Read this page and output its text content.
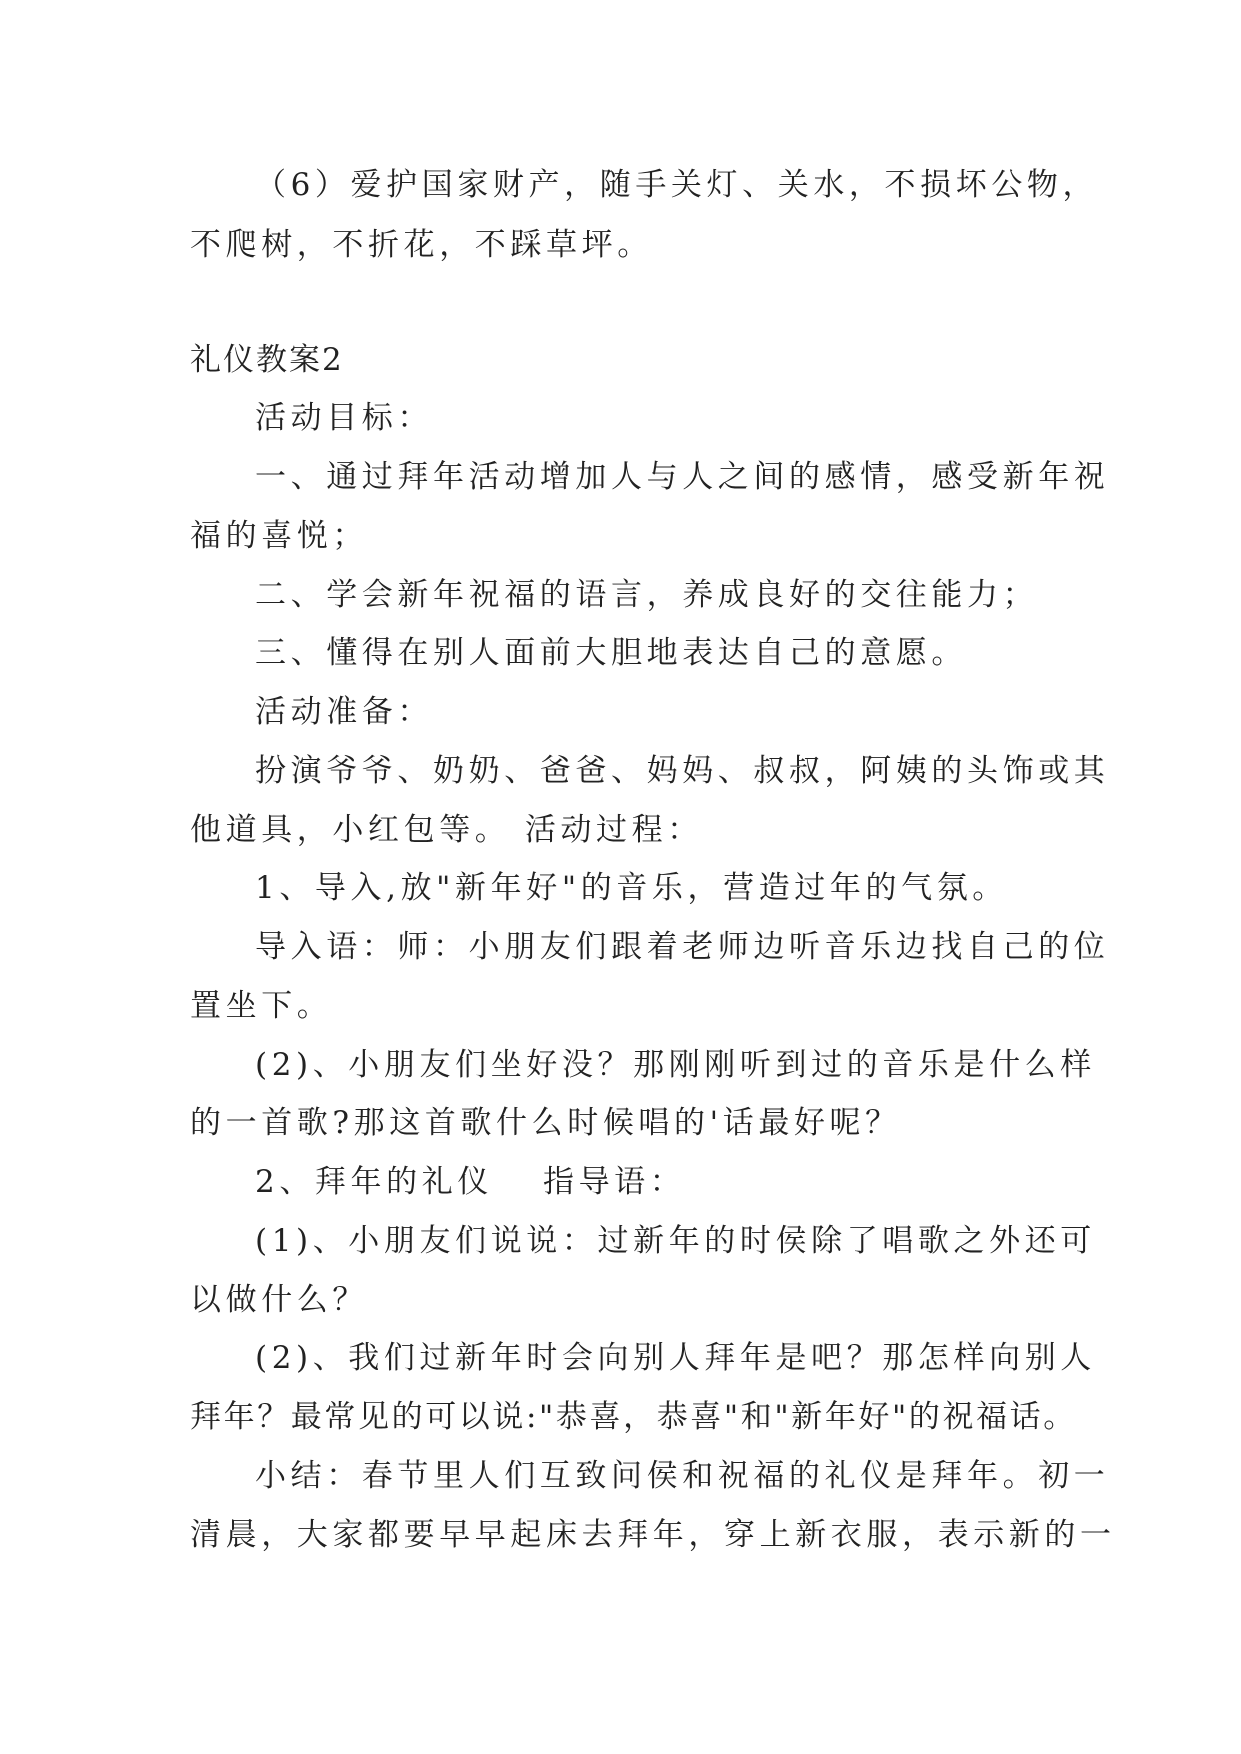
（6）爱护国家财产，随手关灯、关水，不损坏公物，
不爬树，不折花，不踩草坪。
礼仪教案2
活动目标：
一、通过拜年活动增加人与人之间的感情，感受新年祝
福的喜悦；
二、学会新年祝福的语言，养成良好的交往能力；
三、懂得在别人面前大胆地表达自己的意愿。
活动准备：
扮演爷爷、奶奶、爸爸、妈妈、叔叔，阿姨的头饰或其
他道具，小红包等。 活动过程：
1、导入,放"新年好"的音乐，营造过年的气氛。
导入语：师：小朋友们跟着老师边听音乐边找自己的位
置坐下。
(2)、小朋友们坐好没？那刚刚听到过的音乐是什么样
的一首歌?那这首歌什么时候唱的'话最好呢？
2、拜年的礼仪　 指导语：
(1)、小朋友们说说：过新年的时侯除了唱歌之外还可
以做什么？
(2)、我们过新年时会向别人拜年是吧？那怎样向别人
拜年？最常见的可以说:"恭喜，恭喜"和"新年好"的祝福话。
小结：春节里人们互致问侯和祝福的礼仪是拜年。初一
清晨，大家都要早早起床去拜年，穿上新衣服，表示新的一
